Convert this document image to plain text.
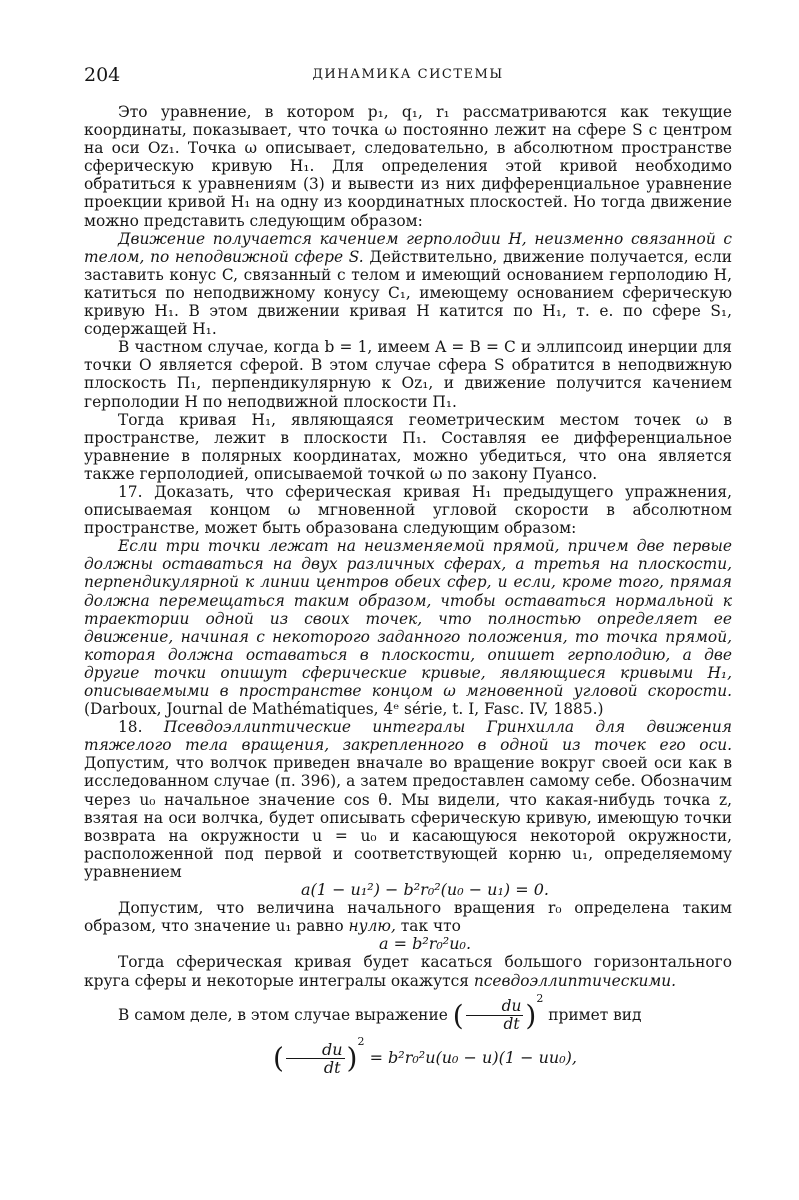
204	ДИНАМИКА СИСТЕМЫ

Это уравнение, в котором p₁, q₁, r₁ рассматриваются как текущие координаты, показывает, что точка ω постоянно лежит на сфере S с центром на оси Oz₁. Точка ω описывает, следовательно, в абсолютном пространстве сферическую кривую H₁. Для определения этой кривой необходимо обратиться к уравнениям (3) и вывести из них дифференциальное уравнение проекции кривой H₁ на одну из координатных плоскостей. Но тогда движение можно представить следующим образом:

Движение получается качением герполодии H, неизменно связанной с телом, по неподвижной сфере S. Действительно, движение получается, если заставить конус C, связанный с телом и имеющий основанием герполодию H, катиться по неподвижному конусу C₁, имеющему основанием сферическую кривую H₁. В этом движении кривая H катится по H₁, т. е. по сфере S₁, содержащей H₁.

В частном случае, когда b = 1, имеем A = B = C и эллипсоид инерции для точки O является сферой. В этом случае сфера S обратится в неподвижную плоскость Π₁, перпендикулярную к Oz₁, и движение получится качением герполодии H по неподвижной плоскости Π₁.

Тогда кривая H₁, являющаяся геометрическим местом точек ω в пространстве, лежит в плоскости Π₁. Составляя ее дифференциальное уравнение в полярных координатах, можно убедиться, что она является также герполодией, описываемой точкой ω по закону Пуансо.

17. Доказать, что сферическая кривая H₁ предыдущего упражнения, описываемая концом ω мгновенной угловой скорости в абсолютном пространстве, может быть образована следующим образом:

Если три точки лежат на неизменяемой прямой, причем две первые должны оставаться на двух различных сферах, а третья на плоскости, перпендикулярной к линии центров обеих сфер, и если, кроме того, прямая должна перемещаться таким образом, чтобы оставаться нормальной к траектории одной из своих точек, что полностью определяет ее движение, начиная с некоторого заданного положения, то точка прямой, которая должна оставаться в плоскости, опишет герполодию, а две другие точки опишут сферические кривые, являющиеся кривыми H₁, описываемыми в пространстве концом ω мгновенной угловой скорости. (Darboux, Journal de Mathématiques, 4ᵉ série, t. I, Fasc. IV, 1885.)

18. Псевдоэллиптические интегралы Гринхилла для движения тяжелого тела вращения, закрепленного в одной из точек его оси. Допустим, что волчок приведен вначале во вращение вокруг своей оси как в исследованном случае (п. 396), а затем предоставлен самому себе. Обозначим через u₀ начальное значение cos θ. Мы видели, что какая-нибудь точка z, взятая на оси волчка, будет описывать сферическую кривую, имеющую точки возврата на окружности u = u₀ и касающуюся некоторой окружности, расположенной под первой и соответствующей корню u₁, определяемому уравнением

a(1 − u₁²) − b²r₀²(u₀ − u₁) = 0.

Допустим, что величина начального вращения r₀ определена таким образом, что значение u₁ равно нулю, так что

a = b²r₀²u₀.

Тогда сферическая кривая будет касаться большого горизонтального круга сферы и некоторые интегралы окажутся псевдоэллиптическими.

В самом деле, в этом случае выражение ( $\frac{du}{dt} )^2$ примет вид

( $\frac{du}{dt} )^2 = b^2r_0^2u(u_0 - u)(1 - uu_0)$,
